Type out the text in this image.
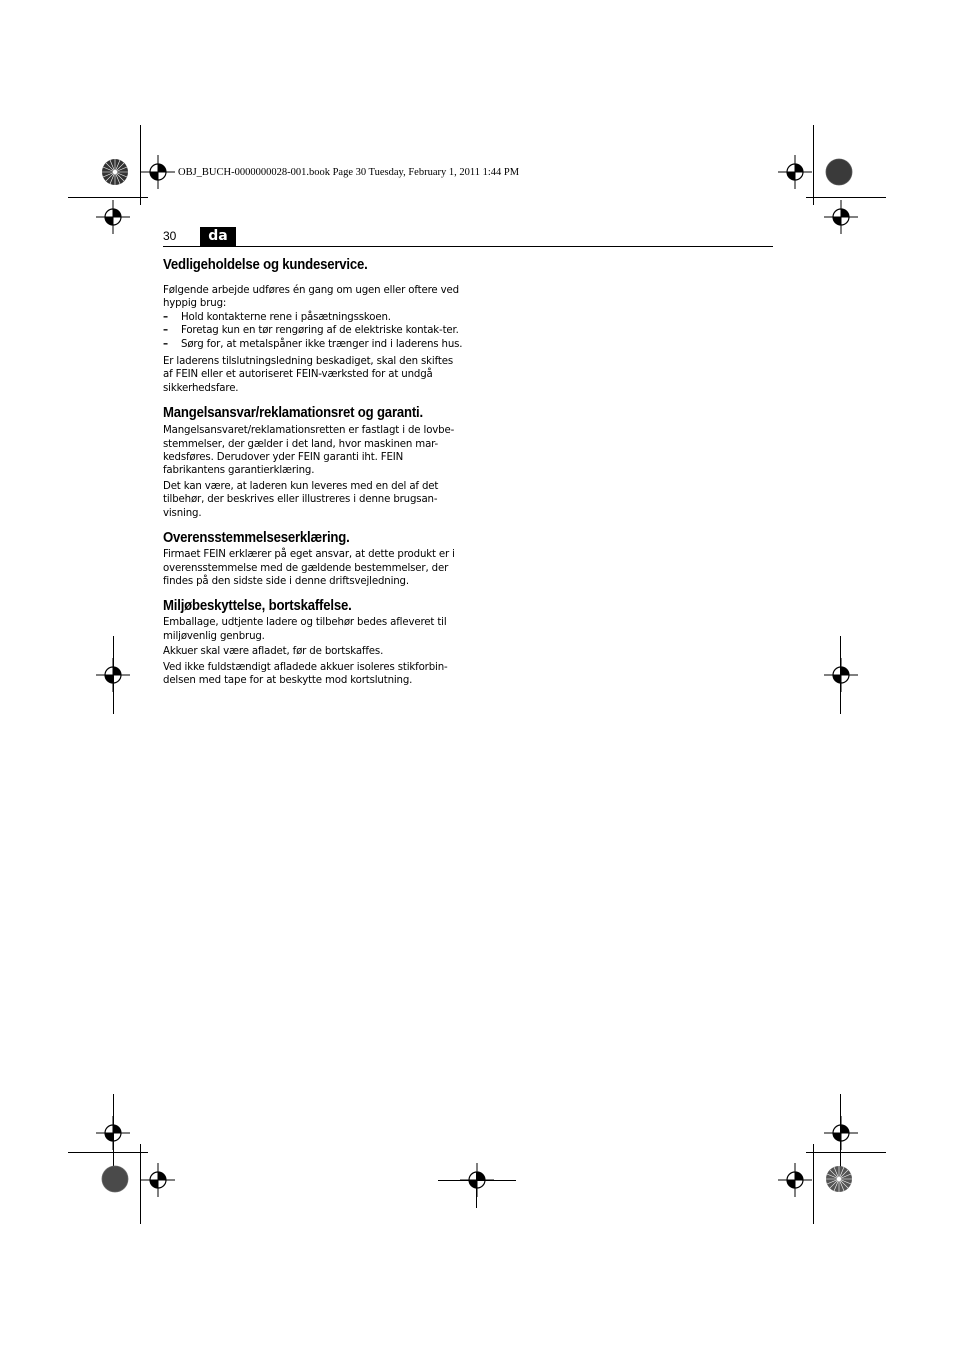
OBJ_BUCH-0000000028-001.book Page 30 Tuesday, February 1, 2011 1:44 PM
30	da
Vedligeholdelse og kundeservice.

Følgende arbejde udføres én gang om ugen eller oftere ved hyppig brug:

– Hold kontakterne rene i påsætningsskoen.
– Foretag kun en tør rengøring af de elektriske kontak-ter.
– Sørg for, at metalspåner ikke trænger ind i laderens hus.

Er laderens tilslutningsledning beskadiget, skal den skiftes af FEIN eller et autoriseret FEIN-værksted for at undgå sikkerhedsfare.

Mangelsansvar/reklamationsret og garanti.

Mangelsansvaret/reklamationsretten er fastlagt i de lovbe-stemmelser, der gælder i det land, hvor maskinen mar-kedsføres. Derudover yder FEIN garanti iht. FEIN fabrikantens garantierklæring.

Det kan være, at laderen kun leveres med en del af det tilbehør, der beskrives eller illustreres i denne brugsan-visning.

Overensstemmelseserklæring.

Firmaet FEIN erklærer på eget ansvar, at dette produkt er i overensstemmelse med de gældende bestemmelser, der findes på den sidste side i denne driftsvejledning.

Miljøbeskyttelse, bortskaffelse.

Emballage, udtjente ladere og tilbehør bedes afleveret til miljøvenlig genbrug.

Akkuer skal være afladet, før de bortskaffes.

Ved ikke fuldstændigt afladede akkuer isoleres stikforbin-delsen med tape for at beskytte mod kortslutning.
